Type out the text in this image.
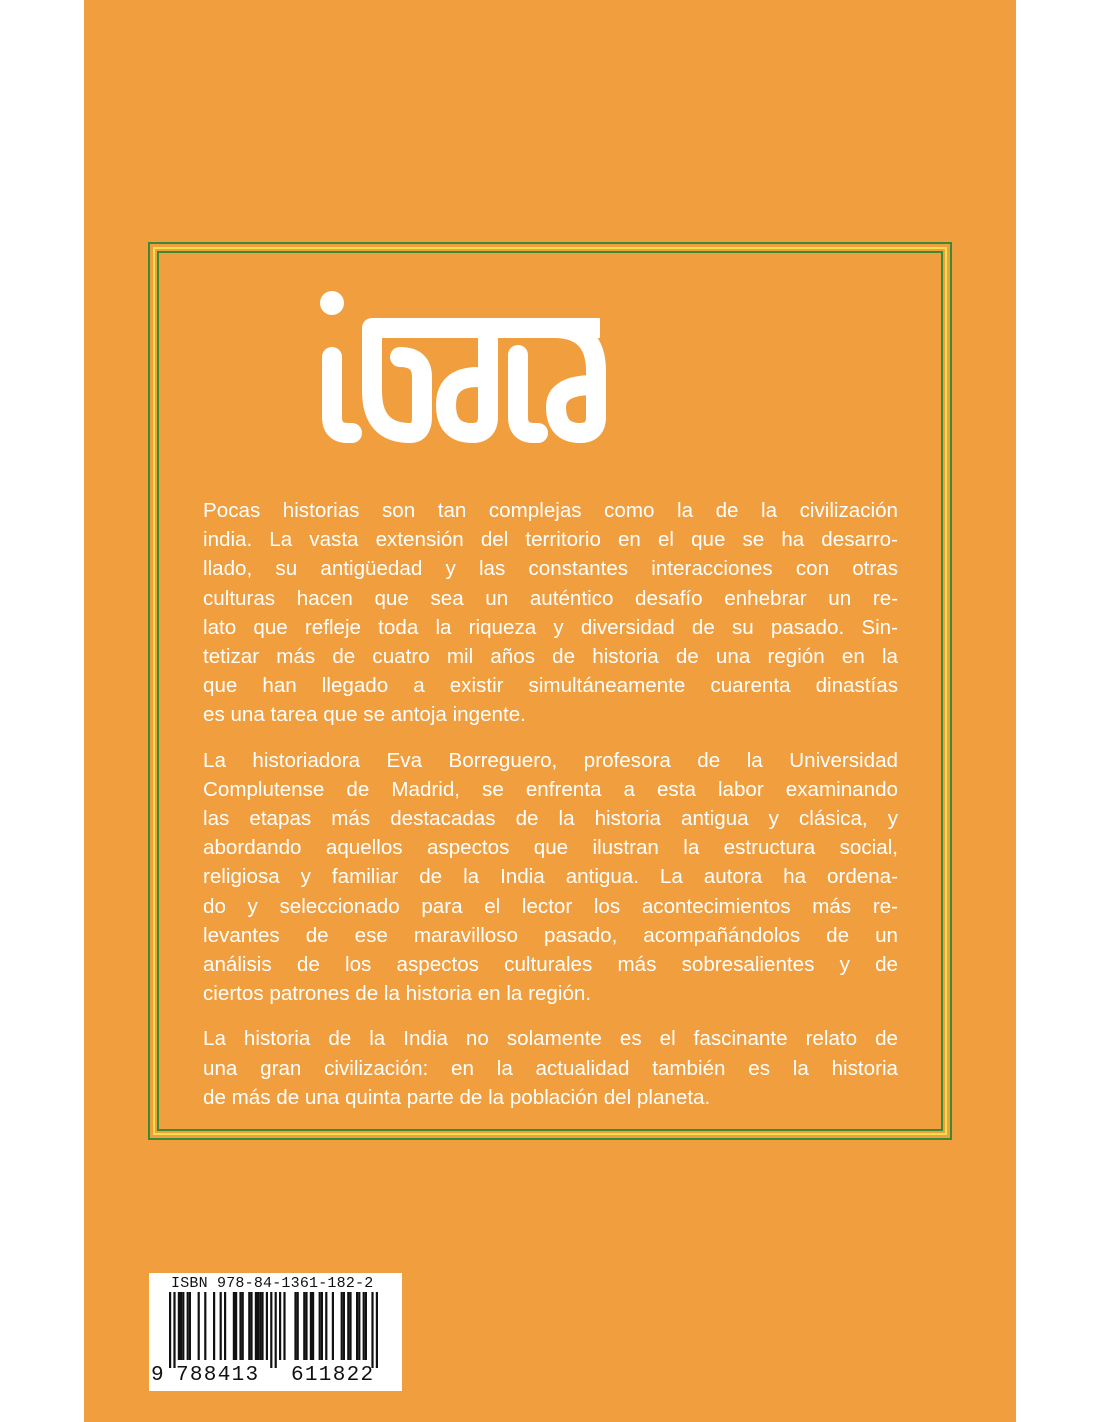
Pocas historias son tan complejas como la de la civilización
india. La vasta extensión del territorio en el que se ha desarro-
llado, su antigüedad y las constantes interacciones con otras
culturas hacen que sea un auténtico desafío enhebrar un re-
lato que refleje toda la riqueza y diversidad de su pasado. Sin-
tetizar más de cuatro mil años de historia de una región en la
que han llegado a existir simultáneamente cuarenta dinastías
es una tarea que se antoja ingente.

La historiadora Eva Borreguero, profesora de la Universidad
Complutense de Madrid, se enfrenta a esta labor examinando
las etapas más destacadas de la historia antigua y clásica, y
abordando aquellos aspectos que ilustran la estructura social,
religiosa y familiar de la India antigua. La autora ha ordena-
do y seleccionado para el lector los acontecimientos más re-
levantes de ese maravilloso pasado, acompañándolos de un
análisis de los aspectos culturales más sobresalientes y de
ciertos patrones de la historia en la región.

La historia de la India no solamente es el fascinante relato de
una gran civilización: en la actualidad también es la historia
de más de una quinta parte de la población del planeta.

ISBN 978-84-1361-182-2
9 788413 611822
